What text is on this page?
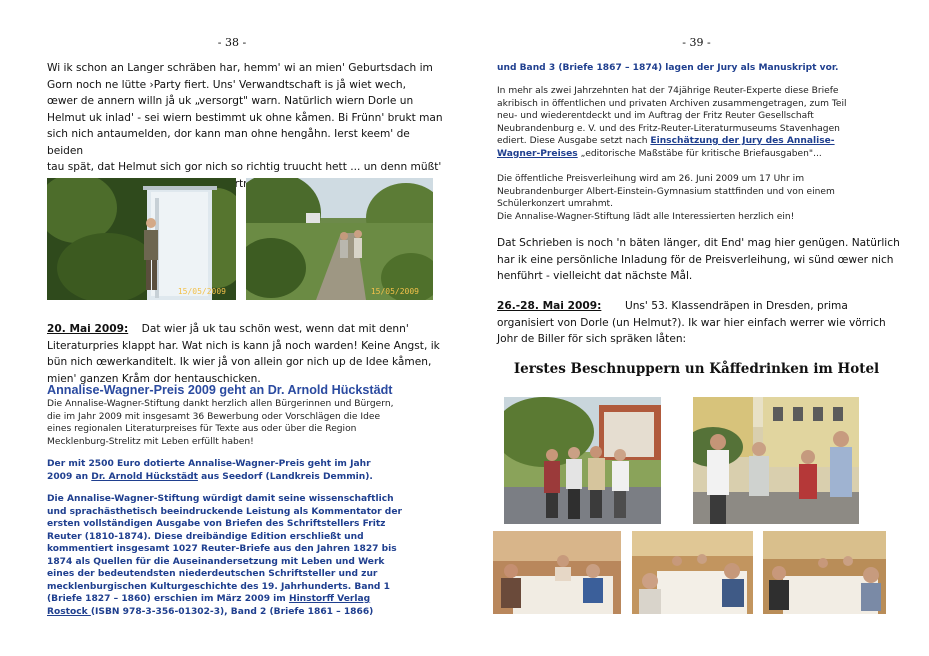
- 38 -
Wi ik schon an Langer schräben har, hemm' wi an mien' Geburtsdach im
Gorn noch ne lütte ›Party fiert. Uns' Verwandtschaft is jå wiet wech,
œwer de annern willn jå uk „versorgt" warn. Natürlich wiern Dorle un
Helmut uk inlad' - sei wiern bestimmt uk ohne kåmen. Bi Frünn' brukt man
sich nich antaumelden, dor kann man ohne hengåhn. Ierst keem' de beiden
tau spät, dat Helmut sich gor nich so richtig truucht hett ... un denn müßt'
15/05/2009	15/05/2009
20. Mai 2009: Dat wier jå uk tau schön west, wenn dat mit denn'
Literaturpries klappt har. Wat nich is kann jå noch warden! Keine Angst, ik
bün nich œwerkanditelt. Ik wier jå von allein gor nich up de Idee kåmen,
mien' ganzen Kråm dor hentauschicken.
Annalise-Wagner-Preis 2009 geht an Dr. Arnold Hückstädt
Die Annalise-Wagner-Stiftung dankt herzlich allen Bürgerinnen und Bürgern,
die im Jahr 2009 mit insgesamt 36 Bewerbung oder Vorschlägen die Idee
eines regionalen Literaturpreises für Texte aus oder über die Region
Mecklenburg-Strelitz mit Leben erfüllt haben!
Der mit 2500 Euro dotierte Annalise-Wagner-Preis geht im Jahr
2009 an Dr. Arnold Hückstädt aus Seedorf (Landkreis Demmin).
Die Annalise-Wagner-Stiftung würdigt damit seine wissenschaftlich
und sprachästhetisch beeindruckende Leistung als Kommentator der
ersten vollständigen Ausgabe von Briefen des Schriftstellers Fritz
Reuter (1810-1874). Diese dreibändige Edition erschließt und
kommentiert insgesamt 1027 Reuter-Briefe aus den Jahren 1827 bis
1874 als Quellen für die Auseinandersetzung mit Leben und Werk
eines der bedeutendsten niederdeutschen Schriftsteller und zur
mecklenburgischen Kulturgeschichte des 19. Jahrhunderts. Band 1
(Briefe 1827 – 1860) erschien im März 2009 im Hinstorff Verlag
Rostock (ISBN 978-3-356-01302-3), Band 2 (Briefe 1861 – 1866)
- 39 -
und Band 3 (Briefe 1867 – 1874) lagen der Jury als Manuskript vor.
In mehr als zwei Jahrzehnten hat der 74jährige Reuter-Experte diese Briefe
akribisch in öffentlichen und privaten Archiven zusammengetragen, zum Teil
neu- und wiederentdeckt und im Auftrag der Fritz Reuter Gesellschaft
Neubrandenburg e. V. und des Fritz-Reuter-Literaturmuseums Stavenhagen
ediert. Diese Ausgabe setzt nach Einschätzung der Jury des Annalise-
Wagner-Preises „editorische Maßstäbe für kritische Briefausgaben"...
Die öffentliche Preisverleihung wird am 26. Juni 2009 um 17 Uhr im
Neubrandenburger Albert-Einstein-Gymnasium stattfinden und von einem
Schülerkonzert umrahmt.
Die Annalise-Wagner-Stiftung lädt alle Interessierten herzlich ein!
Dat Schrieben is noch 'n bäten länger, dit End' mag hier genügen. Natürlich
har ik eine persönliche Inladung för de Preisverleihung, wi sünd œwer nich
henführt - vielleicht dat nächste Mål.
26.-28. Mai 2009: Uns' 53. Klassendräpen in Dresden, prima
organisiert von Dorle (un Helmut?). Ik war hier einfach werrer wie vörrich
Johr de Biller för sich spräken låten:
Iersteѕ Beschnuppern un Kåffedrinken im Hotel
